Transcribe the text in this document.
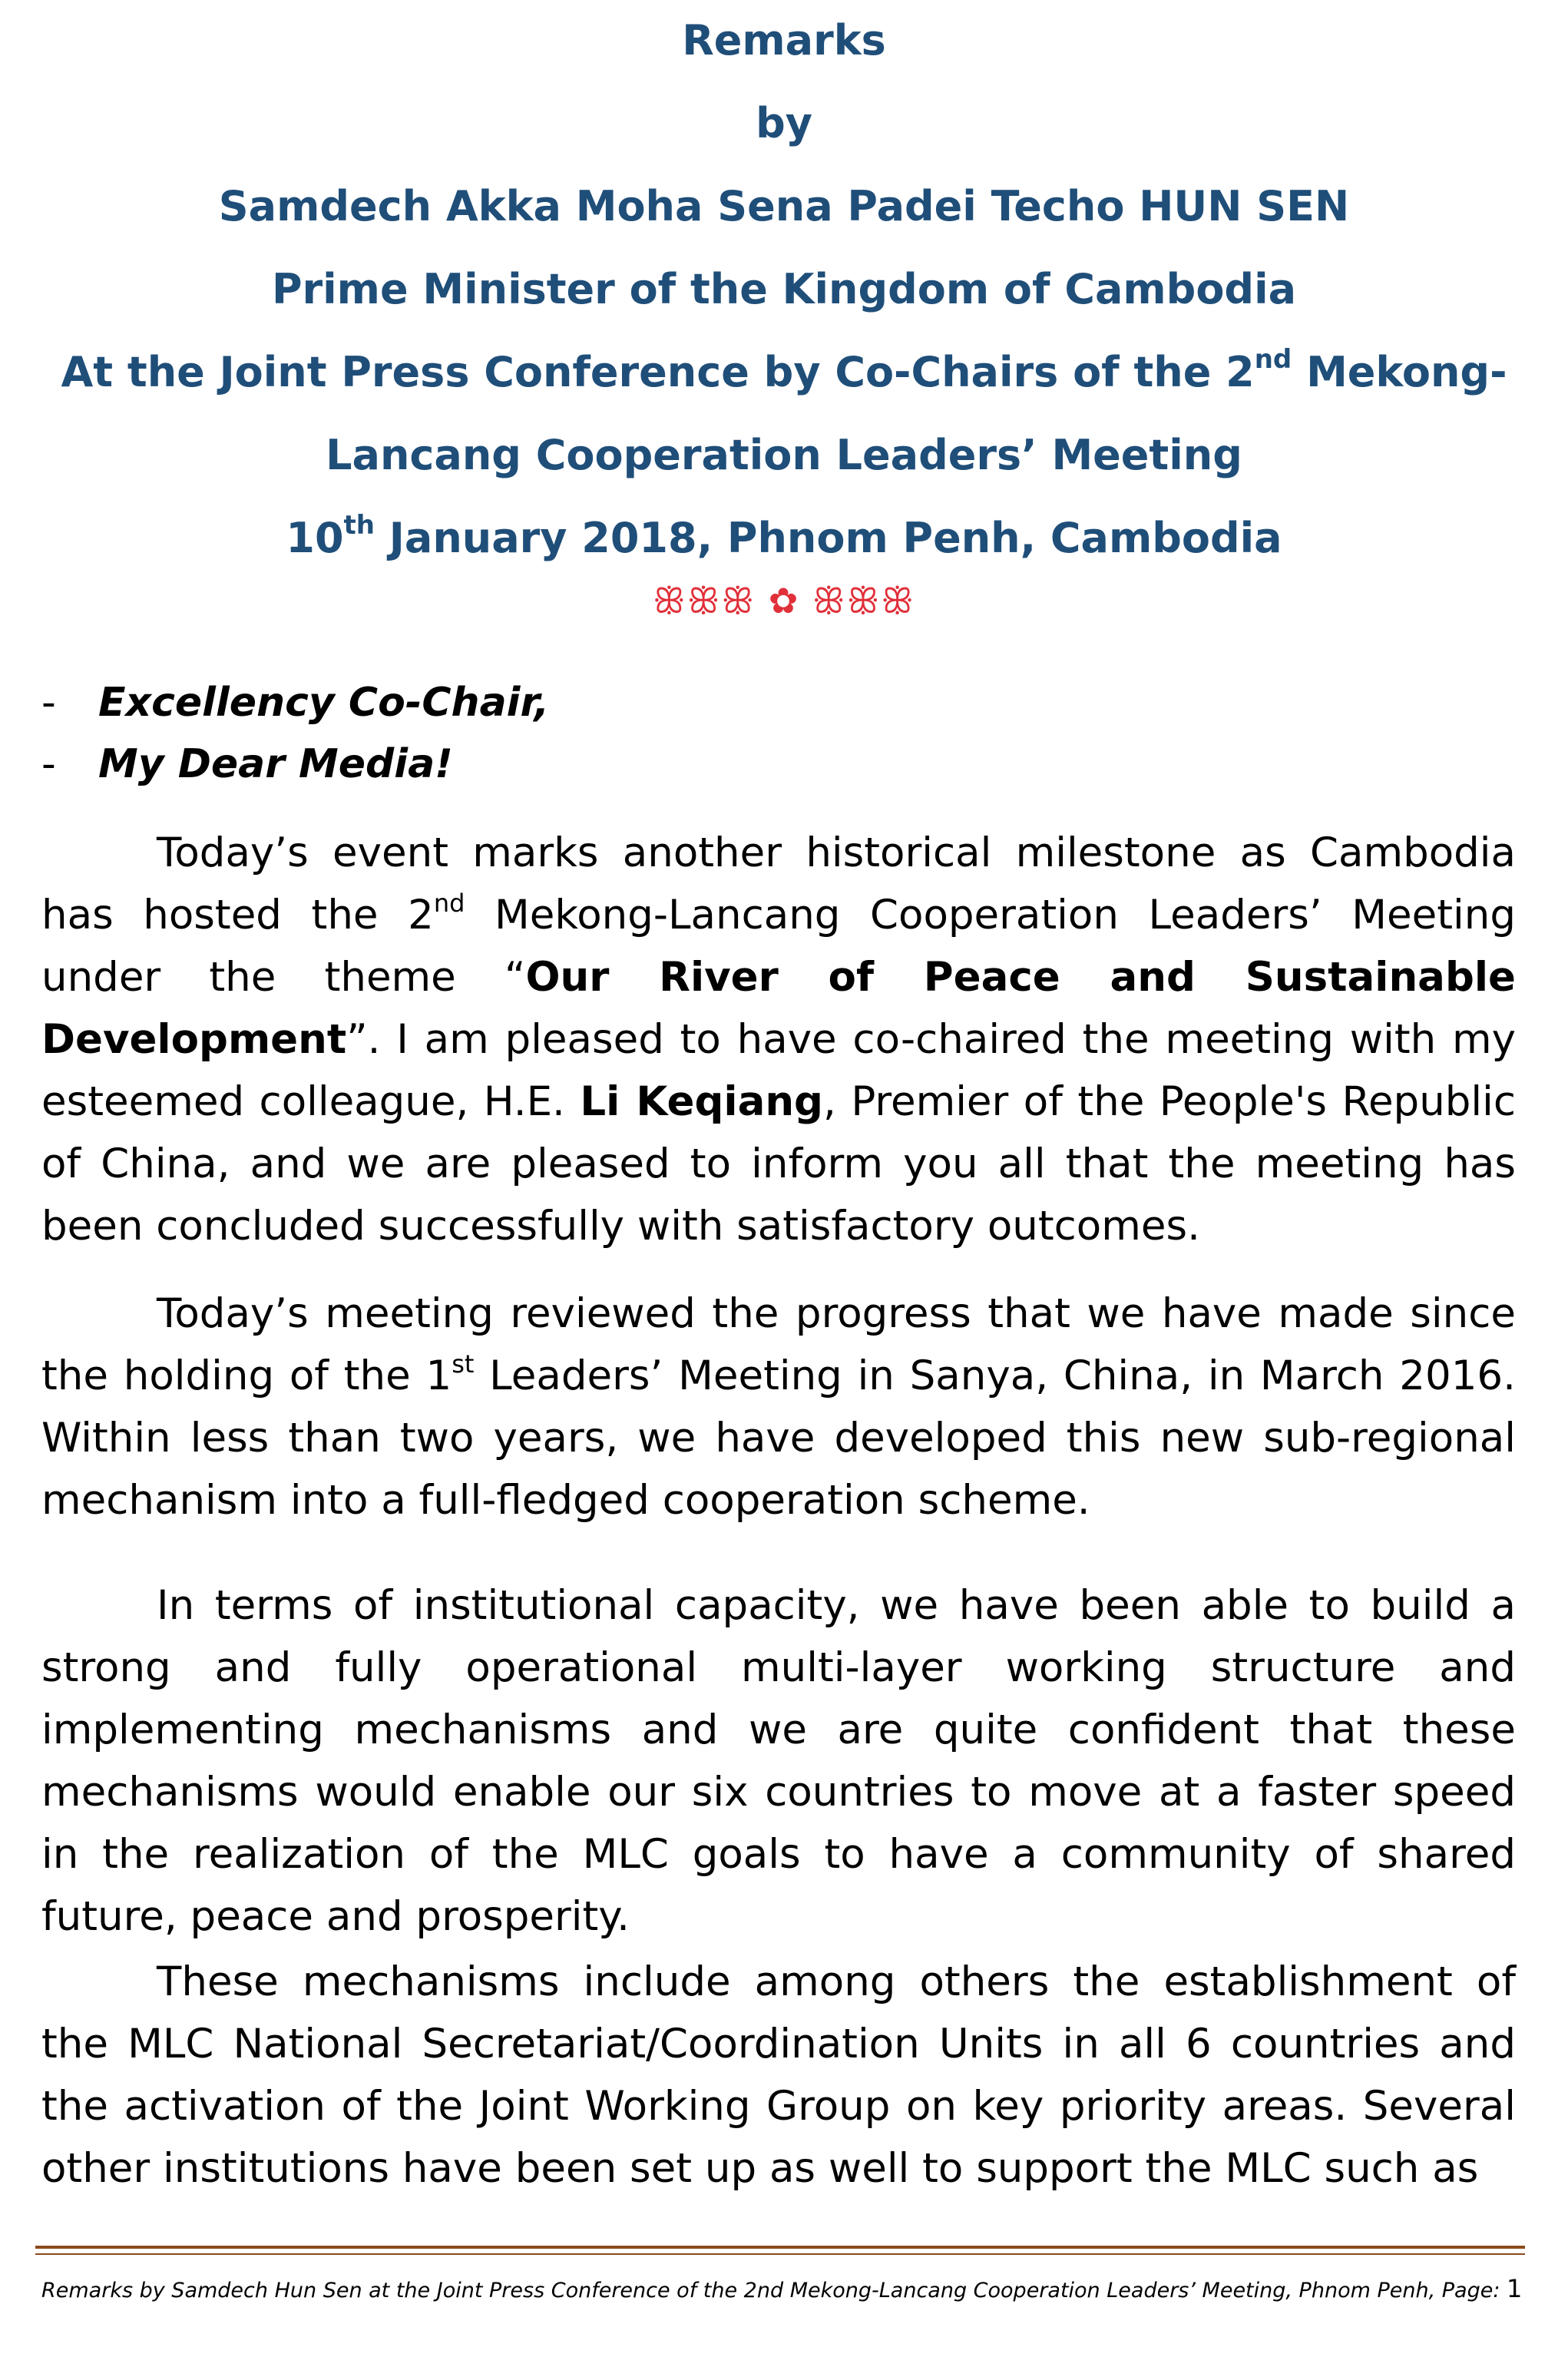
Remarks
by
Samdech Akka Moha Sena Padei Techo HUN SEN
Prime Minister of the Kingdom of Cambodia
At the Joint Press Conference by Co-Chairs of the 2nd Mekong-
Lancang Cooperation Leaders’ Meeting
10th January 2018, Phnom Penh, Cambodia
ꕥꕥꕥ ✿ ꕥꕥꕥ
- Excellency Co-Chair,
- My Dear Media!

Today’s event marks another historical milestone as Cambodia has hosted the 2nd Mekong-Lancang Cooperation Leaders’ Meeting under the theme “Our River of Peace and Sustainable Development”. I am pleased to have co-chaired the meeting with my esteemed colleague, H.E. Li Keqiang, Premier of the People's Republic of China, and we are pleased to inform you all that the meeting has been concluded successfully with satisfactory outcomes.

Today’s meeting reviewed the progress that we have made since the holding of the 1st Leaders’ Meeting in Sanya, China, in March 2016. Within less than two years, we have developed this new sub-regional mechanism into a full-fledged cooperation scheme.

In terms of institutional capacity, we have been able to build a strong and fully operational multi-layer working structure and implementing mechanisms and we are quite confident that these mechanisms would enable our six countries to move at a faster speed in the realization of the MLC goals to have a community of shared future, peace and prosperity.

These mechanisms include among others the establishment of the MLC National Secretariat/Coordination Units in all 6 countries and the activation of the Joint Working Group on key priority areas. Several other institutions have been set up as well to support the MLC such as

Remarks by Samdech Hun Sen at the Joint Press Conference of the 2nd Mekong-Lancang Cooperation Leaders’ Meeting, Phnom Penh, Page: 1
